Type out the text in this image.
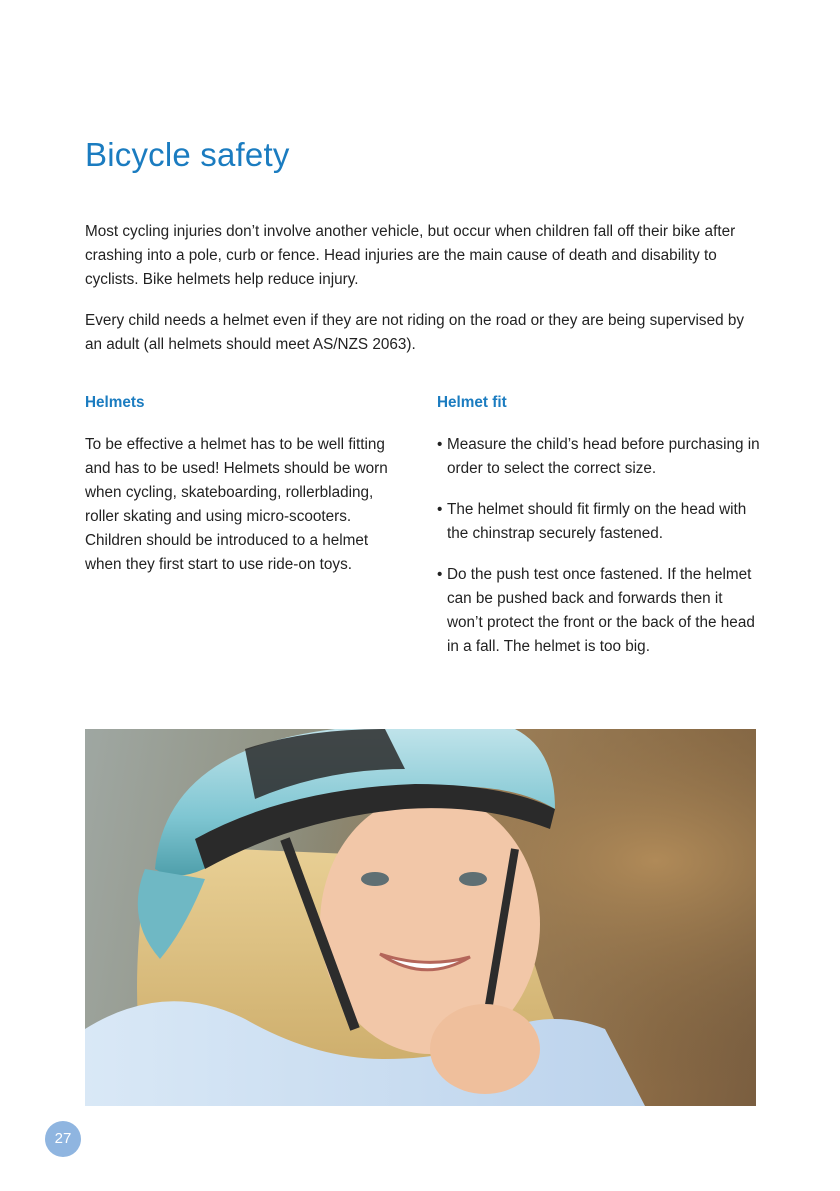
Bicycle safety

Most cycling injuries don’t involve another vehicle, but occur when children fall off their bike after crashing into a pole, curb or fence. Head injuries are the main cause of death and disability to cyclists. Bike helmets help reduce injury.

Every child needs a helmet even if they are not riding on the road or they are being supervised by an adult (all helmets should meet AS/NZS 2063).

Helmets

To be effective a helmet has to be well fitting and has to be used! Helmets should be worn when cycling, skateboarding, rollerblading, roller skating and using micro-scooters. Children should be introduced to a helmet when they first start to use ride-on toys.

Helmet fit
• Measure the child’s head before purchasing in order to select the correct size.
• The helmet should fit firmly on the head with the chinstrap securely fastened.
• Do the push test once fastened. If the helmet can be pushed back and forwards then it won’t protect the front or the back of the head in a fall. The helmet is too big.
27
